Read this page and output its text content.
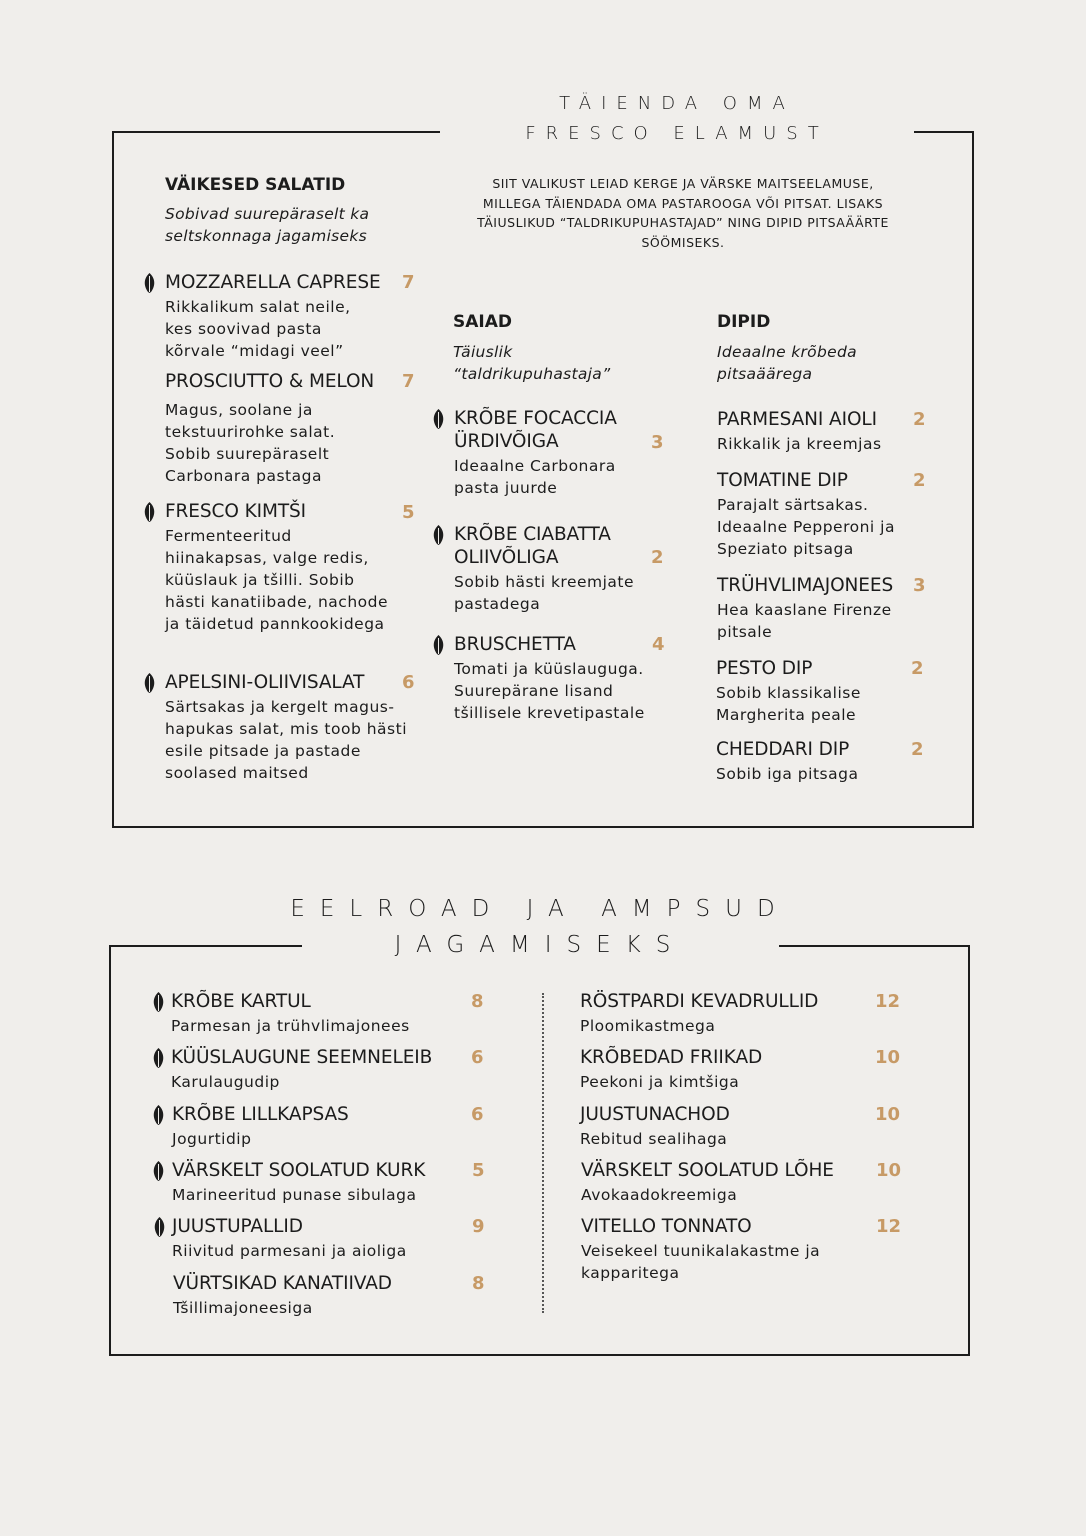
TÄIENDA OMA
FRESCO ELAMUST
SIIT VALIKUST LEIAD KERGE JA VÄRSKE MAITSEELAMUSE, MILLEGA TÄIENDADA OMA PASTAROOGA VÕI PITSAT. LISAKS TÄIUSLIKUD “TALDRIKUPUHASTAJAD” NING DIPID PITSAÄÄRTE SÖÖMISEKS.
VÄIKESED SALATID
Sobivad suurepäraselt ka seltskonnaga jagamiseks
MOZZARELLA CAPRESE
Rikkalikum salat neile, kes soovivad pasta kõrvale “midagi veel”
7
PROSCIUTTO & MELON
Magus, soolane ja tekstuurirohke salat. Sobib suurepäraselt Carbonara pastaga
7
FRESCO KIMTŠI
Fermenteeritud hiinakapsas, valge redis, küüslauk ja tšilli. Sobib hästi kanatiibade, nachode ja täidetud pannkookidega
5
APELSINI-OLIIVISALAT
Särtsakas ja kergelt magus-hapukas salat, mis toob hästi esile pitsade ja pastade soolased maitsed
6
SAIAD
Täiuslik “taldrikupuhastaja”
KRÕBE FOCACCIA ÜRDIVÕIGA
Ideaalne Carbonara pasta juurde
3
KRÕBE CIABATTA OLIIVÕLIGA
Sobib hästi kreemjate pastadega
2
BRUSCHETTA
Tomati ja küüslauguga. Suurepärane lisand tšillisele krevetipastale
4
DIPID
Ideaalne krõbeda pitsaäärega
PARMESANI AIOLI
Rikkalik ja kreemjas
2
TOMATINE DIP
Parajalt särtsakas. Ideaalne Pepperoni ja Speziato pitsaga
2
TRÜHVLIMAJONEES
Hea kaaslane Firenze pitsale
3
PESTO DIP
Sobib klassikalise Margherita peale
2
CHEDDARI DIP
Sobib iga pitsaga
2
EELROAD JA AMPSUD
JAGAMISEKS
KRÕBE KARTUL
Parmesan ja trühvlimajonees
8
KÜÜSLAUGUNE SEEMNELEIB
Karulaugudip
6
KRÕBE LILLKAPSAS
Jogurtidip
6
VÄRSKELT SOOLATUD KURK
Marineeritud punase sibulaga
5
JUUSTUPALLID
Riivitud parmesani ja aioliga
9
VÜRTSIKAD KANATIIVAD
Tšillimajoneesiga
8
RÖSTPARDI KEVADRULLID
Ploomikastmega
12
KRÕBEDAD FRIIKAD
Peekoni ja kimtšiga
10
JUUSTUNACHOD
Rebitud sealihaga
10
VÄRSKELT SOOLATUD LÕHE
Avokaadokreemiga
10
VITELLO TONNATO
Veisekeel tuunikalakastme ja kapparitega
12
